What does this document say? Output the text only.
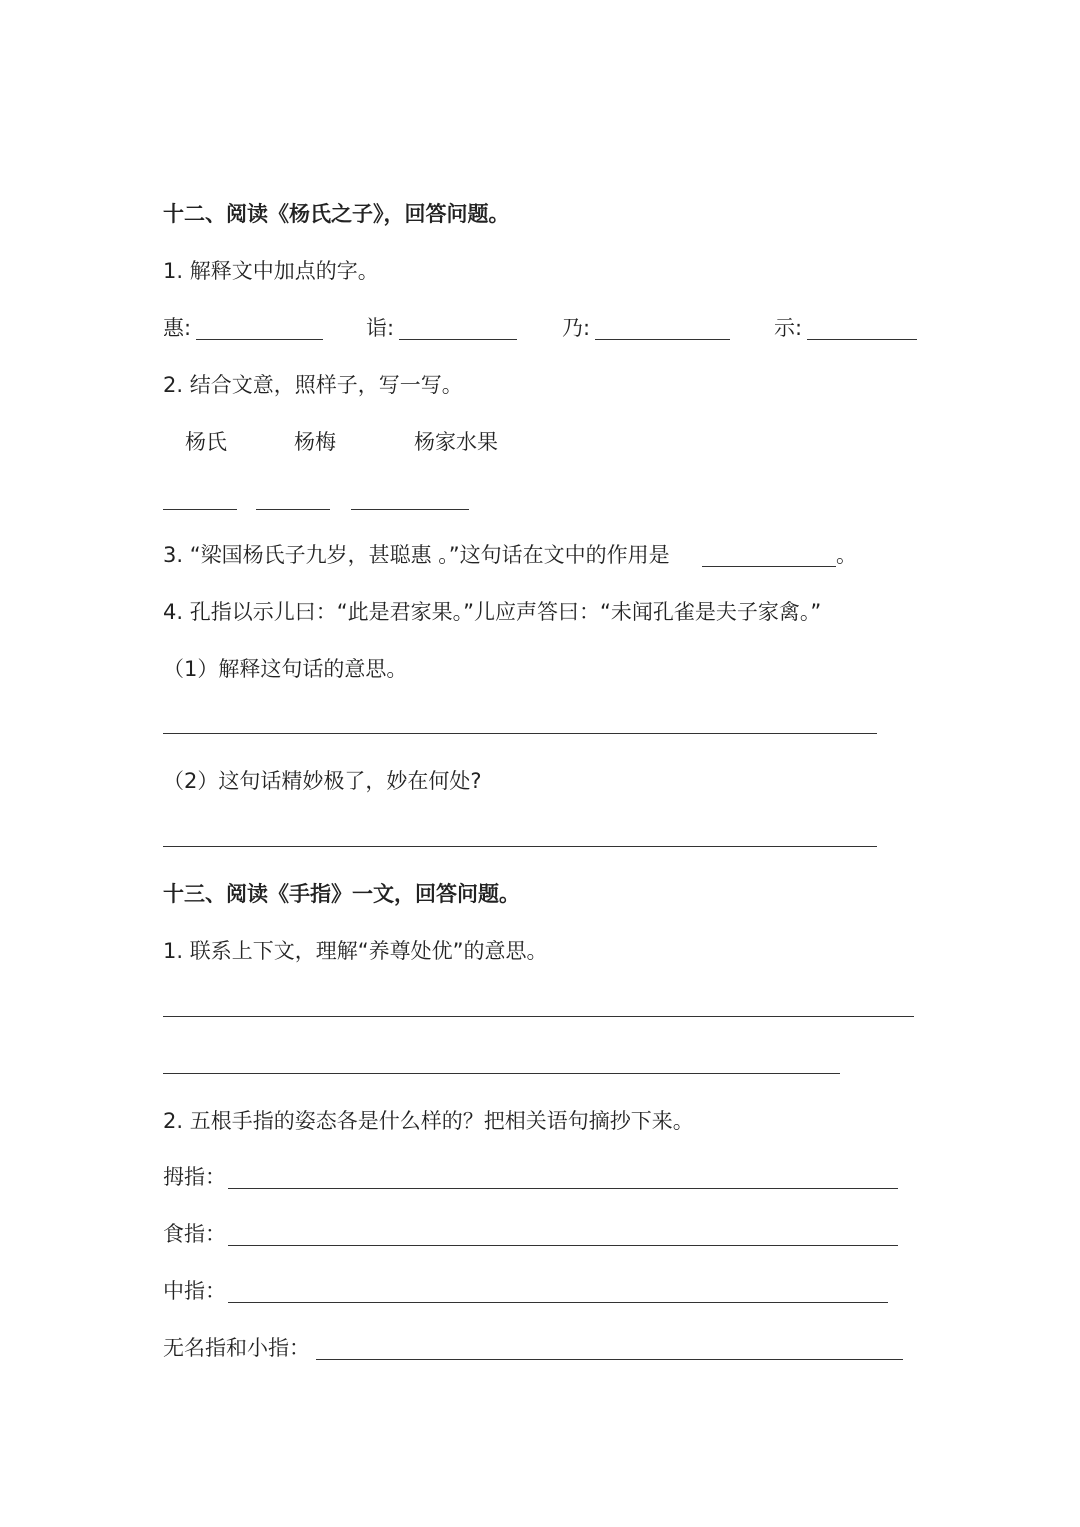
十二、阅读《杨氏之子》，回答问题。
1. 解释文中加点的字。
惠:	诣:	乃:	示:
2. 结合文意，照样子，写一写。
杨氏	杨梅	杨家水果
3. “梁国杨氏子九岁，甚聪惠 。”这句话在文中的作用是	。
4. 孔指以示儿曰：“此是君家果。”儿应声答曰：“未闻孔雀是夫子家禽。”
（1）解释这句话的意思。
（2）这句话精妙极了，妙在何处?
十三、阅读《手指》一文，回答问题。
1. 联系上下文，理解“养尊处优”的意思。
2. 五根手指的姿态各是什么样的？把相关语句摘抄下来。
拇指：
食指：
中指：
无名指和小指：
